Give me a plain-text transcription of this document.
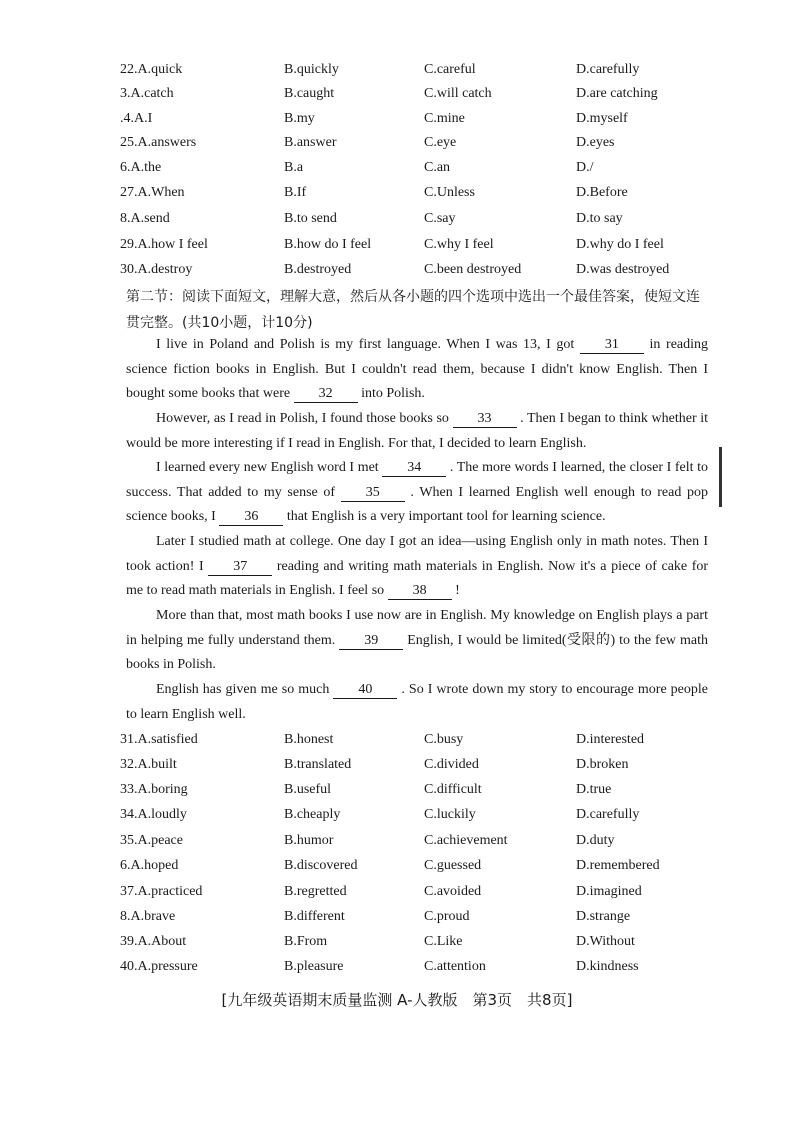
22.A.quick	B.quickly	C.careful	D.carefully
3.A.catch	B.caught	C.will catch	D.are catching
.4.A.I	B.my	C.mine	D.myself
25.A.answers	B.answer	C.eye	D.eyes
6.A.the	B.a	C.an	D./
27.A.When	B.If	C.Unless	D.Before
8.A.send	B.to send	C.say	D.to say
29.A.how I feel	B.how do I feel	C.why I feel	D.why do I feel
30.A.destroy	B.destroyed	C.been destroyed	D.was destroyed
第二节：阅读下面短文，理解大意，然后从各小题的四个选项中选出一个最佳答案，使短文连贯完整。(共10小题，计10分)
I live in Poland and Polish is my first language. When I was 13, I got 31 in reading science fiction books in English. But I couldn't read them, because I didn't know English. Then I bought some books that were 32 into Polish.
However, as I read in Polish, I found those books so 33 . Then I began to think whether it would be more interesting if I read in English. For that, I decided to learn English.
I learned every new English word I met 34 . The more words I learned, the closer I felt to success. That added to my sense of 35 . When I learned English well enough to read pop science books, I 36 that English is a very important tool for learning science.
Later I studied math at college. One day I got an idea—using English only in math notes. Then I took action! I 37 reading and writing math materials in English. Now it's a piece of cake for me to read math materials in English. I feel so 38 !
More than that, most math books I use now are in English. My knowledge on English plays a part in helping me fully understand them. 39 English, I would be limited(受限的) to the few math books in Polish.
English has given me so much 40 . So I wrote down my story to encourage more people to learn English well.
31.A.satisfied	B.honest	C.busy	D.interested
32.A.built	B.translated	C.divided	D.broken
33.A.boring	B.useful	C.difficult	D.true
34.A.loudly	B.cheaply	C.luckily	D.carefully
35.A.peace	B.humor	C.achievement	D.duty
6.A.hoped	B.discovered	C.guessed	D.remembered
37.A.practiced	B.regretted	C.avoided	D.imagined
8.A.brave	B.different	C.proud	D.strange
39.A.About	B.From	C.Like	D.Without
40.A.pressure	B.pleasure	C.attention	D.kindness
[九年级英语期末质量监测 A-人教版　第3页　共8页]
